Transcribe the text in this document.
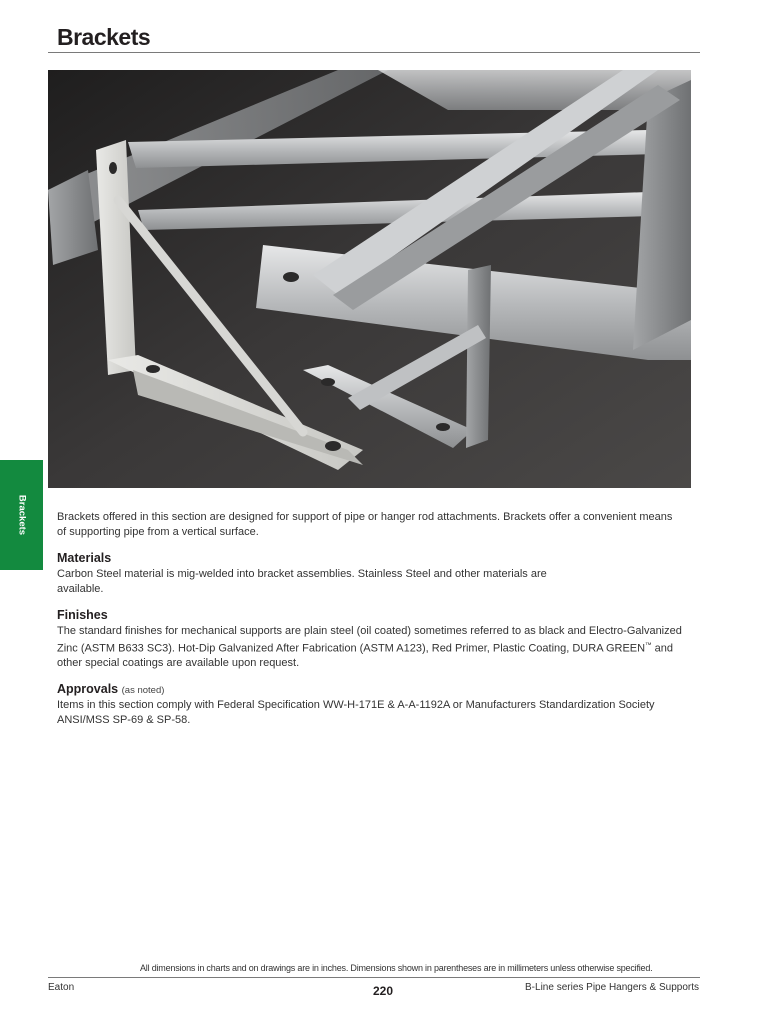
Brackets
Brackets	Brackets offered in this section are designed for support of pipe or hanger rod attachments. Brackets offer a convenient means of supporting pipe from a vertical surface.

Materials

Carbon Steel material is mig-welded into bracket assemblies. Stainless Steel and other materials are available.

Finishes

The standard finishes for mechanical supports are plain steel (oil coated) sometimes referred to as black and Electro-Galvanized Zinc (ASTM B633 SC3). Hot-Dip Galvanized After Fabrication (ASTM A123), Red Primer, Plastic Coating, DURA GREEN™ and other special coatings are available upon request.

Approvals (as noted)

Items in this section comply with Federal Specification WW-H-171E & A-A-1192A or Manufacturers Standardization Society ANSI/MSS SP-69 & SP-58.

All dimensions in charts and on drawings are in inches. Dimensions shown in parentheses are in millimeters unless otherwise specified.
Eaton	220	B-Line series Pipe Hangers & Supports
